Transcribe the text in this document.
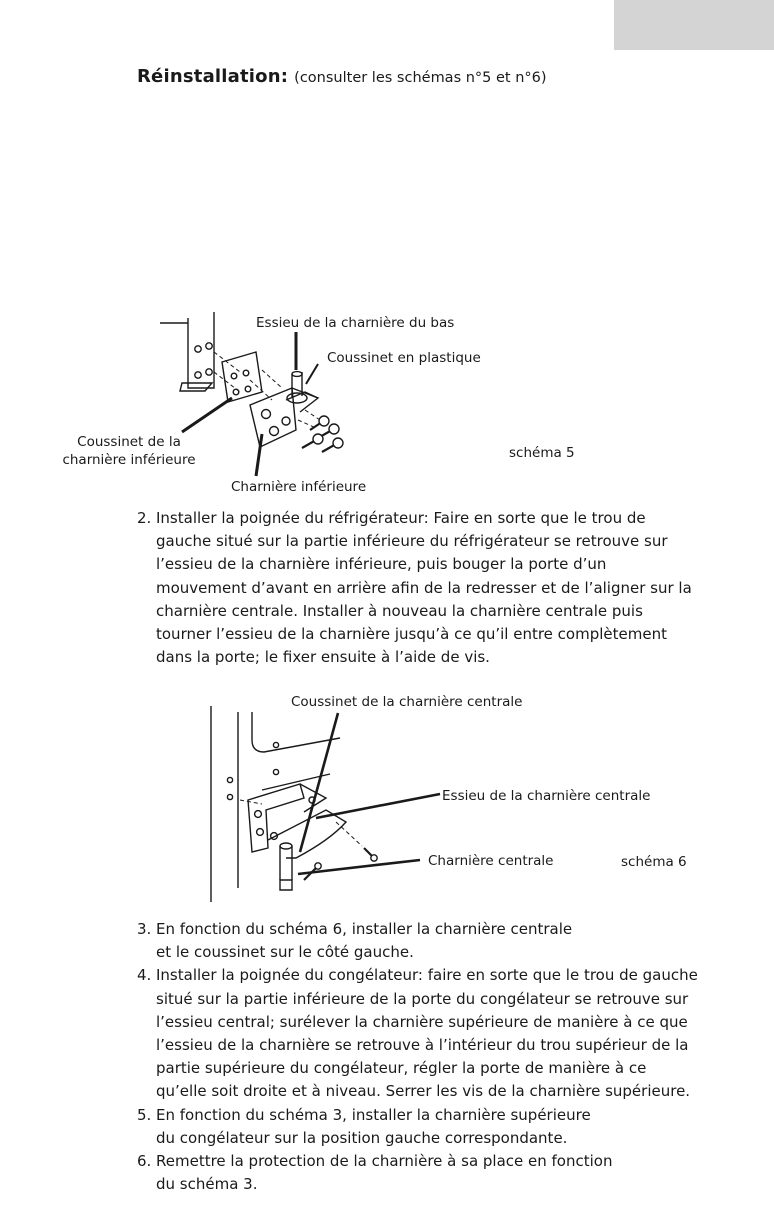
Réinstallation: (consulter les schémas n°5 et n°6)
Essieu de la charnière du bas
Coussinet en plastique
Coussinet de la
charnière inférieure
Charnière inférieure
schéma 5
2. Installer la poignée du réfrigérateur: Faire en sorte que le trou de
gauche situé sur la partie inférieure du réfrigérateur se retrouve sur
l’essieu de la charnière inférieure, puis bouger la porte d’un
mouvement d’avant en arrière afin de la redresser et de l’aligner sur la
charnière centrale. Installer à nouveau la charnière centrale puis
tourner l’essieu de la charnière jusqu’à ce qu’il entre complètement
dans la porte; le fixer ensuite à l’aide de vis.
Coussinet de la charnière centrale
Essieu de la charnière centrale
Charnière centrale	schéma 6
3. En fonction du schéma 6, installer la charnière centrale
et le coussinet sur le côté gauche.
4. Installer la poignée du congélateur: faire en sorte que le trou de gauche
situé sur la partie inférieure de la porte du congélateur se retrouve sur
l’essieu central; surélever la charnière supérieure de manière à ce que
l’essieu de la charnière se retrouve à l’intérieur du trou supérieur de la
partie supérieure du congélateur, régler la porte de manière à ce
qu’elle soit droite et à niveau. Serrer les vis de la charnière supérieure.
5. En fonction du schéma 3, installer la charnière supérieure
du congélateur sur la position gauche correspondante.
6. Remettre la protection de la charnière à sa place en fonction
du schéma 3.
